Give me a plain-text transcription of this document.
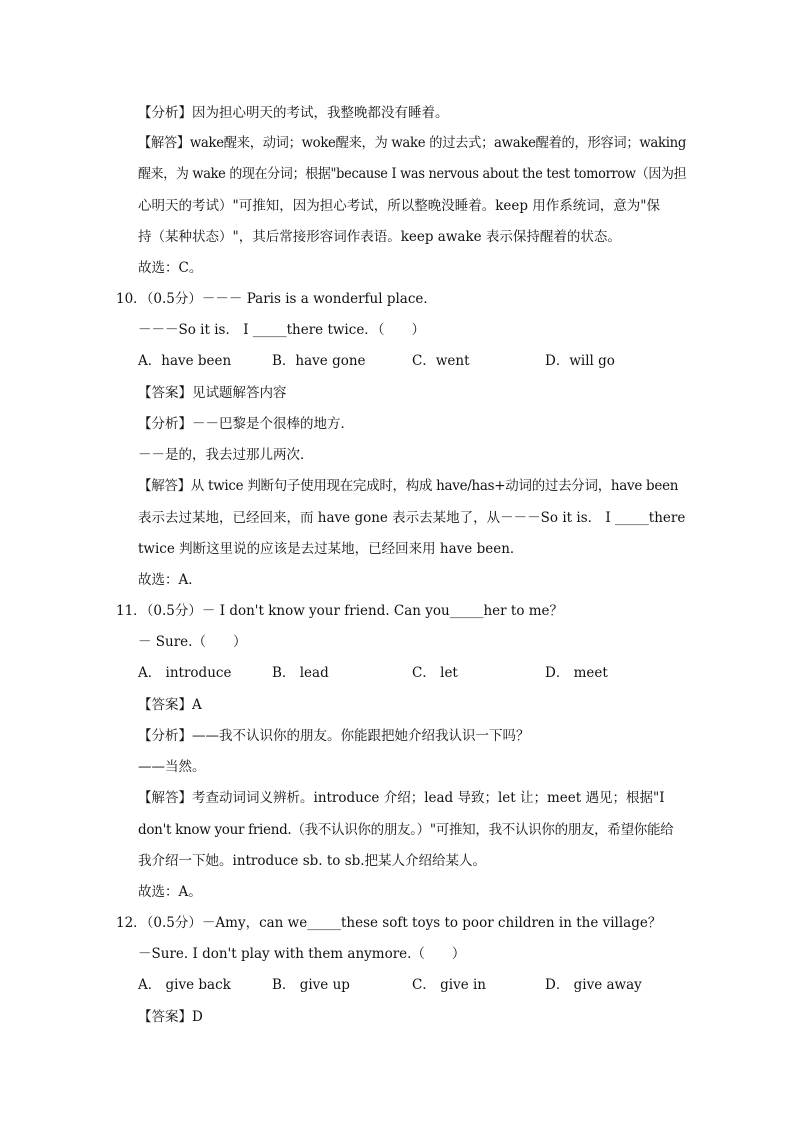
【分析】因为担心明天的考试，我整晚都没有睡着。
【解答】wake醒来，动词；woke醒来，为 wake 的过去式；awake醒着的，形容词；waking
醒来，为 wake 的现在分词；根据"because I was nervous about the test tomorrow（因为担
心明天的考试）"可推知，因为担心考试，所以整晚没睡着。keep 用作系统词，意为"保
持（某种状态）"，其后常接形容词作表语。keep awake 表示保持醒着的状态。
故选：C。
10．（0.5分）－－－ Paris is a wonderful place．
－－－So it is． I _____there twice．（　　）
A．have been	B．have gone	C．went	D．will go
【答案】见试题解答内容
【分析】－－巴黎是个很棒的地方．
－－是的，我去过那儿两次．
【解答】从 twice 判断句子使用现在完成时，构成 have/has+动词的过去分词，have been
表示去过某地，已经回来，而 have gone 表示去某地了，从－－－So it is． I _____there
twice 判断这里说的应该是去过某地，已经回来用 have been．
故选：A．
11．（0.5分）－ I don't know your friend. Can you_____her to me？
－ Sure.（　　）
A． introduce	B． lead	C． let	D． meet
【答案】A
【分析】——我不认识你的朋友。你能跟把她介绍我认识一下吗？
——当然。
【解答】考查动词词义辨析。introduce 介绍；lead 导致；let 让；meet 遇见；根据"I
don't know your friend.（我不认识你的朋友。）"可推知，我不认识你的朋友，希望你能给
我介绍一下她。introduce sb. to sb.把某人介绍给某人。
故选：A。
12．（0.5分）－Amy，can we_____these soft toys to poor children in the village？
－Sure. I don't play with them anymore.（　　）
A． give back	B． give up	C． give in	D． give away
【答案】D
